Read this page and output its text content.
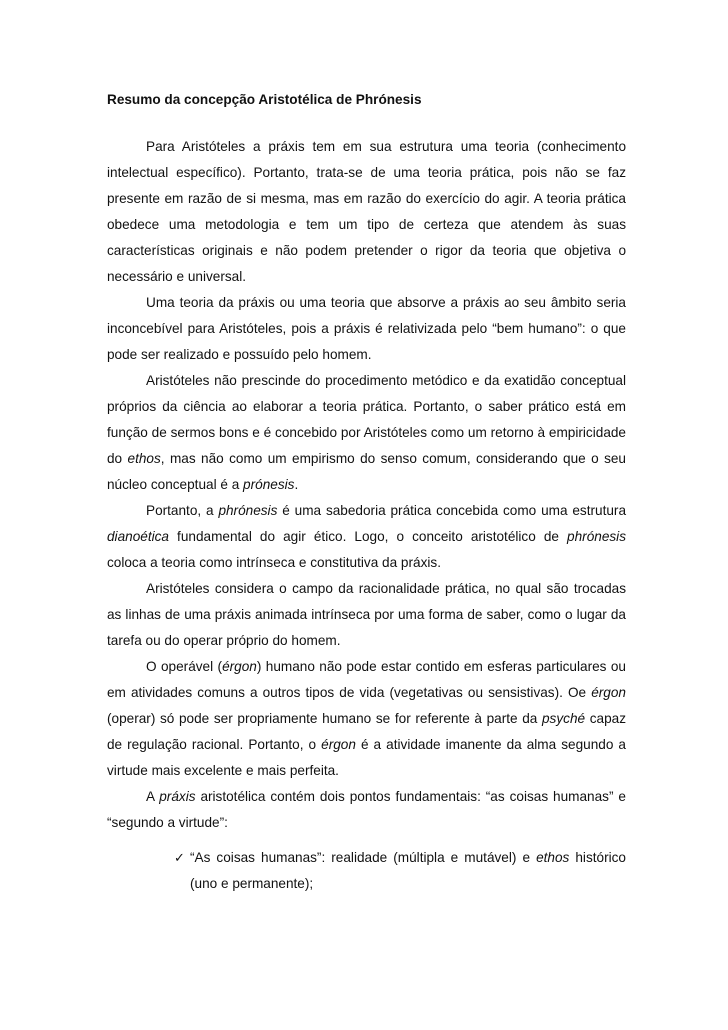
Resumo da concepção Aristotélica de Phrónesis

Para Aristóteles a práxis tem em sua estrutura uma teoria (conhecimento intelectual específico). Portanto, trata-se de uma teoria prática, pois não se faz presente em razão de si mesma, mas em razão do exercício do agir. A teoria prática obedece uma metodologia e tem um tipo de certeza que atendem às suas características originais e não podem pretender o rigor da teoria que objetiva o necessário e universal.

Uma teoria da práxis ou uma teoria que absorve a práxis ao seu âmbito seria inconcebível para Aristóteles, pois a práxis é relativizada pelo “bem humano”: o que pode ser realizado e possuído pelo homem.

Aristóteles não prescinde do procedimento metódico e da exatidão conceptual próprios da ciência ao elaborar a teoria prática. Portanto, o saber prático está em função de sermos bons e é concebido por Aristóteles como um retorno à empiricidade do ethos, mas não como um empirismo do senso comum, considerando que o seu núcleo conceptual é a prónesis.

Portanto, a phrónesis é uma sabedoria prática concebida como uma estrutura dianoética fundamental do agir ético. Logo, o conceito aristotélico de phrónesis coloca a teoria como intrínseca e constitutiva da práxis.

Aristóteles considera o campo da racionalidade prática, no qual são trocadas as linhas de uma práxis animada intrínseca por uma forma de saber, como o lugar da tarefa ou do operar próprio do homem.

O operável (érgon) humano não pode estar contido em esferas particulares ou em atividades comuns a outros tipos de vida (vegetativas ou sensistivas). Oe érgon (operar) só pode ser propriamente humano se for referente à parte da psyché capaz de regulação racional. Portanto, o érgon é a atividade imanente da alma segundo a virtude mais excelente e mais perfeita.

A práxis aristotélica contém dois pontos fundamentais: “as coisas humanas” e “segundo a virtude”:

✓ “As coisas humanas”: realidade (múltipla e mutável) e ethos histórico (uno e permanente);
